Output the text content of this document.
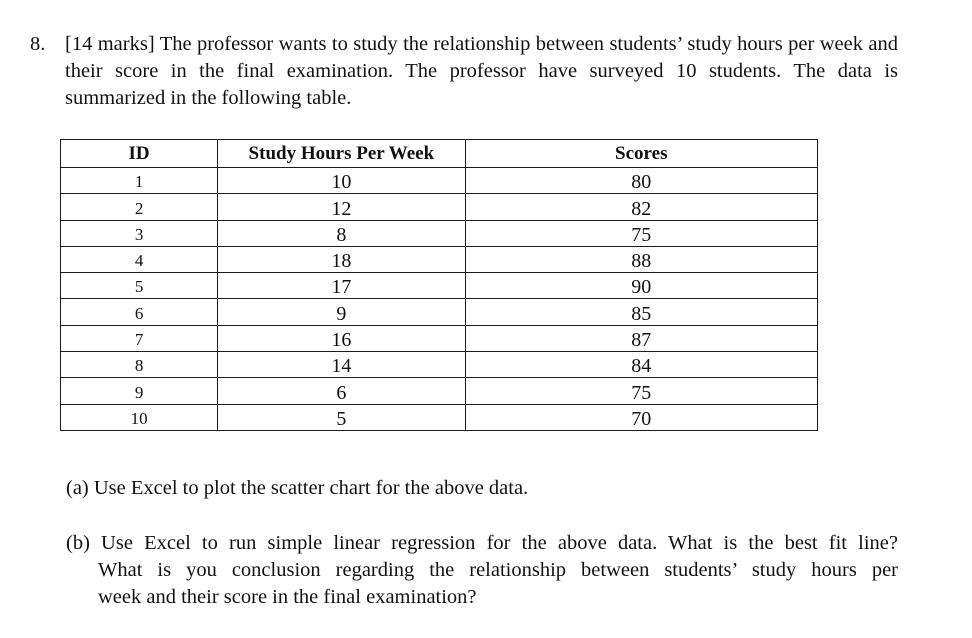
8. [14 marks] The professor wants to study the relationship between students’ study hours per week and their score in the final examination. The professor have surveyed 10 students. The data is summarized in the following table.
ID	Study Hours Per Week	Scores
1	10	80
2	12	82
3	8	75
4	18	88
5	17	90
6	9	85
7	16	87
8	14	84
9	6	75
10	5	70
(a) Use Excel to plot the scatter chart for the above data.
(b) Use Excel to run simple linear regression for the above data. What is the best fit line?
What is you conclusion regarding the relationship between students’ study hours per
week and their score in the final examination?
